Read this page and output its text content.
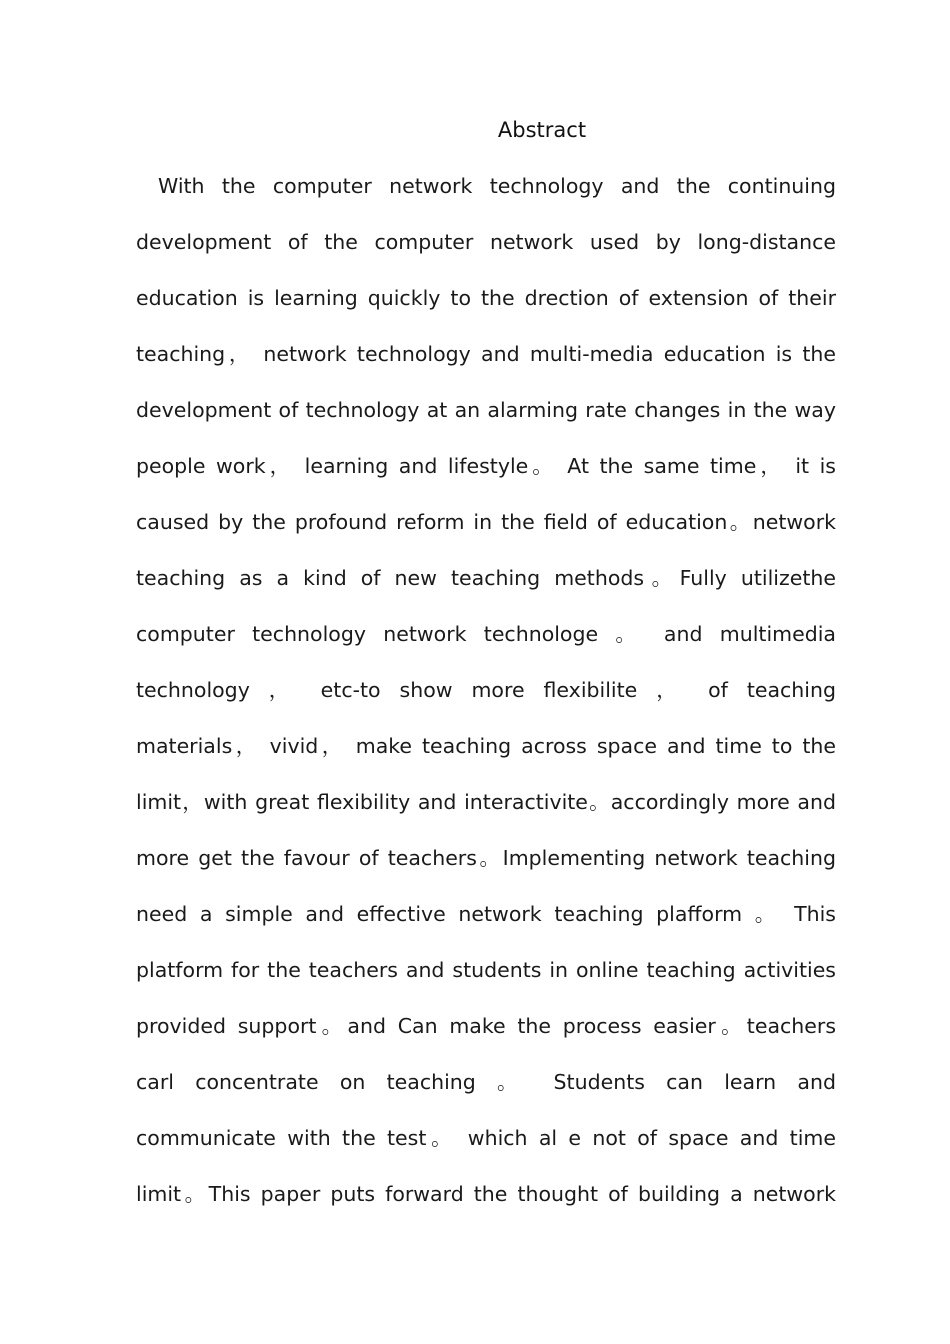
Abstract
With the computer network technology and the continuing
development of the computer network used by long-distance
education is learning quickly to the drection of extension of their
teaching， network technology and multi-media education is the
development of technology at an alarming rate changes in the way
people work， learning and lifestyle。 At the same time， it is
caused by the profound reform in the field of education。network
teaching as a kind of new teaching methods。Fully utilizethe
computer technology network technologe 。 and multimedia
technology ， etc-to show more flexibilite ， of teaching
materials， vivid， make teaching across space and time to the
limit，with great flexibility and interactivite。accordingly more and
more get the favour of teachers。Implementing network teaching
need a simple and effective network teaching plafform 。 This
platform for the teachers and students in online teaching activities
provided support。and Can make the process easier。teachers
carl concentrate on teaching 。 Students can learn and
communicate with the test。 which al e not of space and time
limit。This paper puts forward the thought of building a network
